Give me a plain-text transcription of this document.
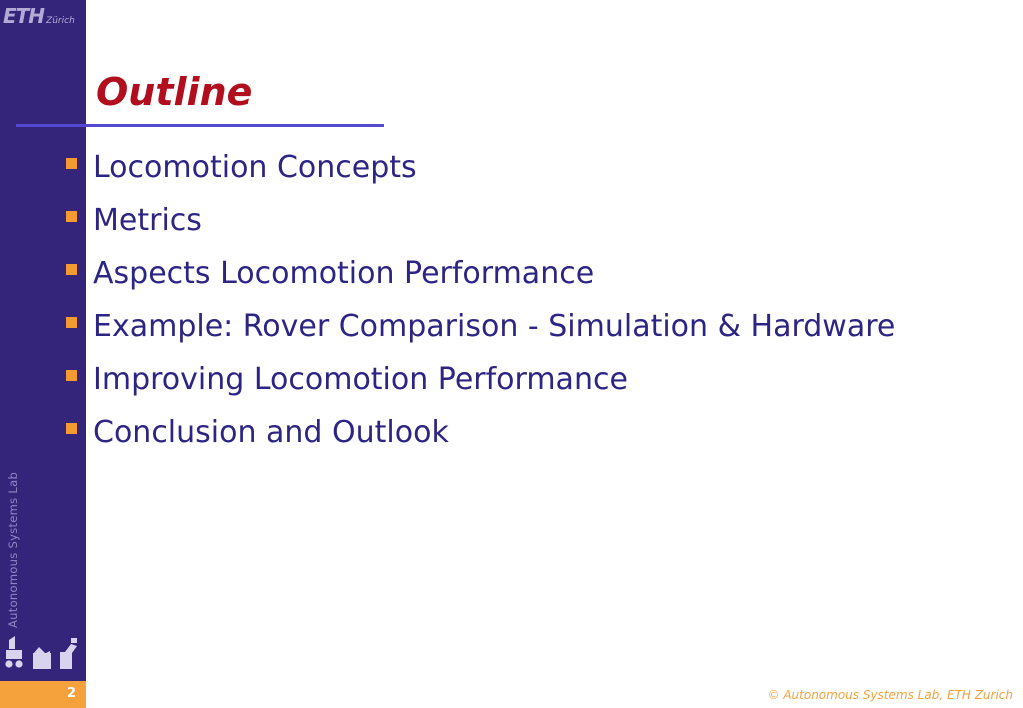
ETH Zürich
Autonomous Systems Lab
2
Outline
Locomotion Concepts
Metrics
Aspects Locomotion Performance
Example: Rover Comparison - Simulation & Hardware
Improving Locomotion Performance
Conclusion and Outlook
© Autonomous Systems Lab, ETH Zurich
